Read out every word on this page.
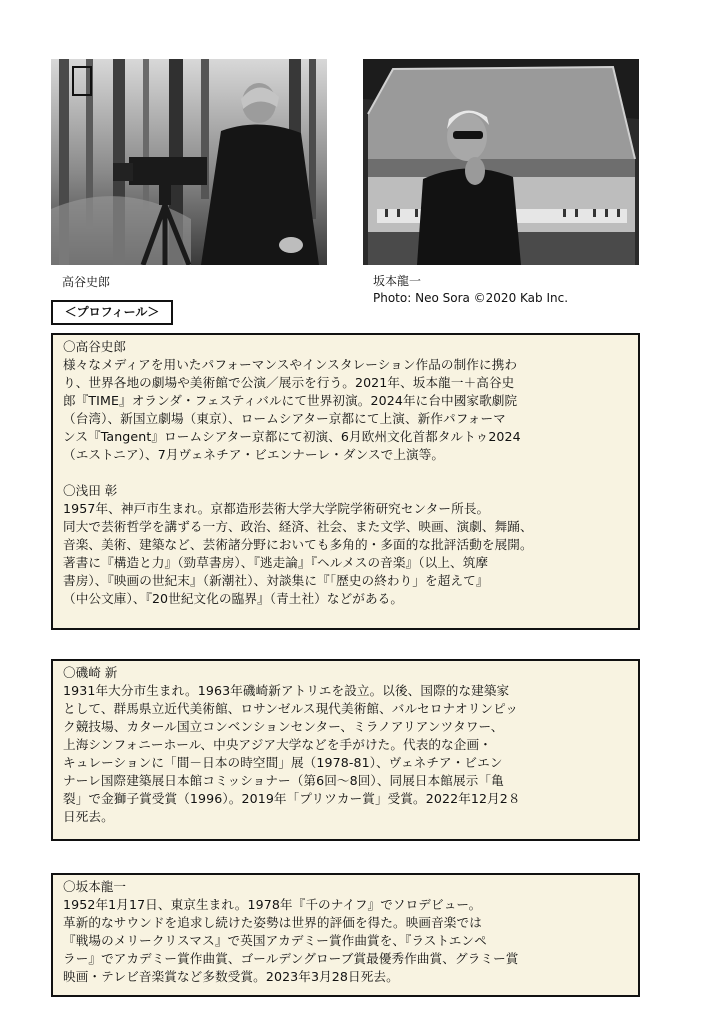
高谷史郎	坂本龍一
Photo: Neo Sora ©2020 Kab Inc.
＜プロフィール＞
〇高谷史郎
様々なメディアを用いたパフォーマンスやインスタレーション作品の制作に携わ
り、世界各地の劇場や美術館で公演／展示を行う。2021年、坂本龍一＋高谷史
郎『TIME』オランダ・フェスティバルにて世界初演。2024年に台中國家歌劇院
（台湾）、新国立劇場（東京）、ロームシアター京都にて上演、新作パフォーマ
ンス『Tangent』ロームシアター京都にて初演、6月欧州文化首都タルトゥ2024
（エストニア）、7月ヴェネチア・ビエンナーレ・ダンスで上演等。
〇浅田 彰
1957年、神戸市生まれ。京都造形芸術大学大学院学術研究センター所長。
同大で芸術哲学を講ずる一方、政治、経済、社会、また文学、映画、演劇、舞踊、
音楽、美術、建築など、芸術諸分野においても多角的・多面的な批評活動を展開。
著書に『構造と力』（勁草書房）、『逃走論』『ヘルメスの音楽』（以上、筑摩
書房）、『映画の世紀末』（新潮社）、対談集に『「歴史の終わり」を超えて』
（中公文庫）、『20世紀文化の臨界』（青土社）などがある。
〇磯崎 新
1931年大分市生まれ。1963年磯崎新アトリエを設立。以後、国際的な建築家
として、群馬県立近代美術館、ロサンゼルス現代美術館、バルセロナオリンピッ
ク競技場、カタール国立コンベンションセンター、ミラノアリアンツタワー、
上海シンフォニーホール、中央アジア大学などを手がけた。代表的な企画・
キュレーションに「間－日本の時空間」展（1978-81）、ヴェネチア・ビエン
ナーレ国際建築展日本館コミッショナー（第6回〜8回）、同展日本館展示「亀
裂」で金獅子賞受賞（1996）。2019年「プリツカー賞」受賞。2022年12月2８
日死去。
〇坂本龍一
1952年1月17日、東京生まれ。1978年『千のナイフ』でソロデビュー。
革新的なサウンドを追求し続けた姿勢は世界的評価を得た。映画音楽では
『戦場のメリークリスマス』で英国アカデミー賞作曲賞を、『ラストエンペ
ラー』でアカデミー賞作曲賞、ゴールデングローブ賞最優秀作曲賞、グラミー賞
映画・テレビ音楽賞など多数受賞。2023年3月28日死去。
